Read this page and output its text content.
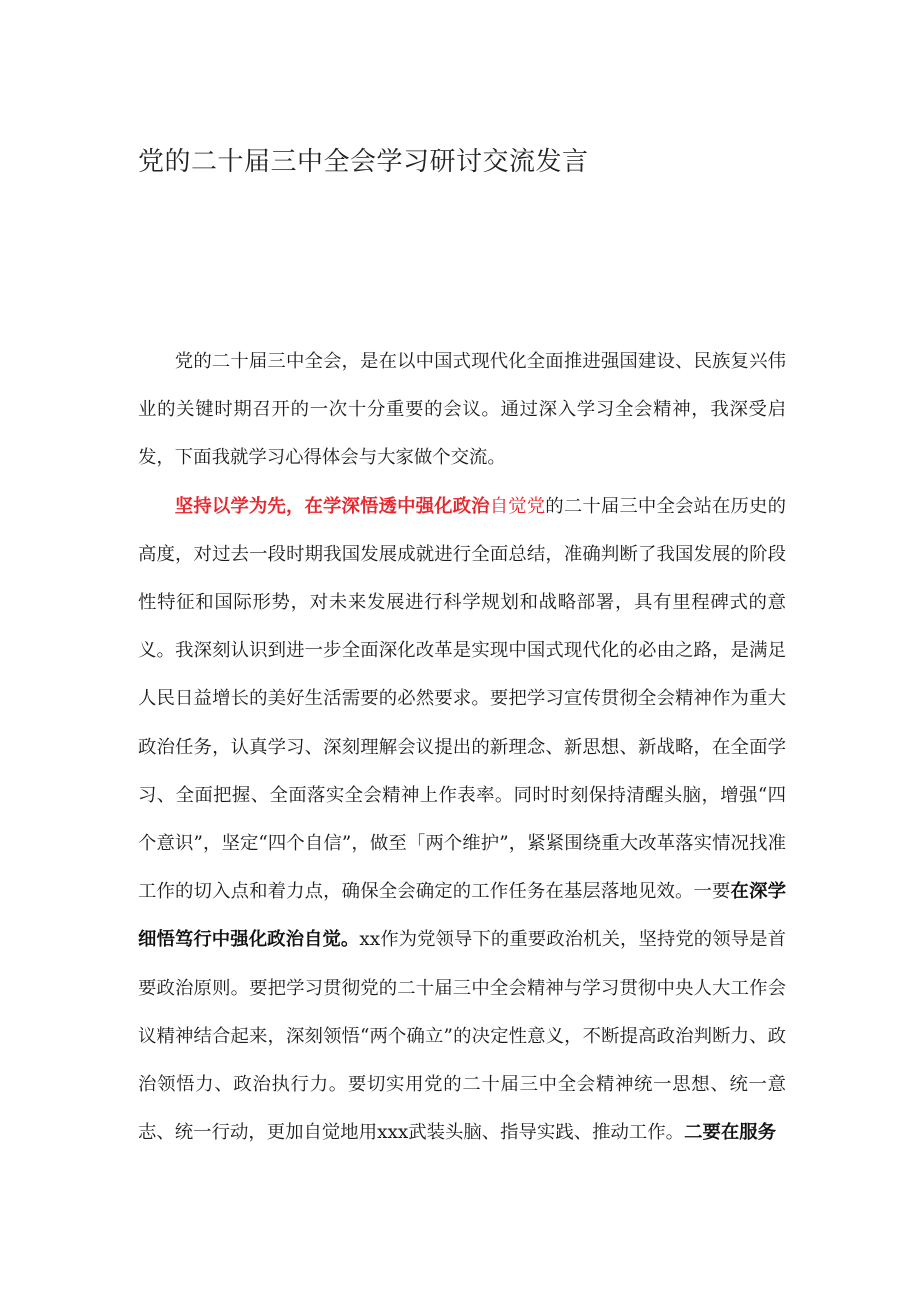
党的二十届三中全会学习研讨交流发言

党的二十届三中全会，是在以中国式现代化全面推进强国建设、民族复兴伟业的关键时期召开的一次十分重要的会议。通过深入学习全会精神，我深受启发，下面我就学习心得体会与大家做个交流。

坚持以学为先，在学深悟透中强化政治自觉党的二十届三中全会站在历史的高度，对过去一段时期我国发展成就进行全面总结，准确判断了我国发展的阶段性特征和国际形势，对未来发展进行科学规划和战略部署，具有里程碑式的意义。我深刻认识到进一步全面深化改革是实现中国式现代化的必由之路，是满足人民日益增长的美好生活需要的必然要求。要把学习宣传贯彻全会精神作为重大政治任务，认真学习、深刻理解会议提出的新理念、新思想、新战略，在全面学习、全面把握、全面落实全会精神上作表率。同时时刻保持清醒头脑，增强“四个意识”，坚定“四个自信”，做至「两个维护”，紧紧围绕重大改革落实情况找准工作的切入点和着力点，确保全会确定的工作任务在基层落地见效。一要在深学细悟笃行中强化政治自觉。xx作为党领导下的重要政治机关，坚持党的领导是首要政治原则。要把学习贯彻党的二十届三中全会精神与学习贯彻中央人大工作会议精神结合起来，深刻领悟“两个确立”的决定性意义，不断提高政治判断力、政治领悟力、政治执行力。要切实用党的二十届三中全会精神统一思想、统一意志、统一行动，更加自觉地用xxx武装头脑、指导实践、推动工作。二要在服务
